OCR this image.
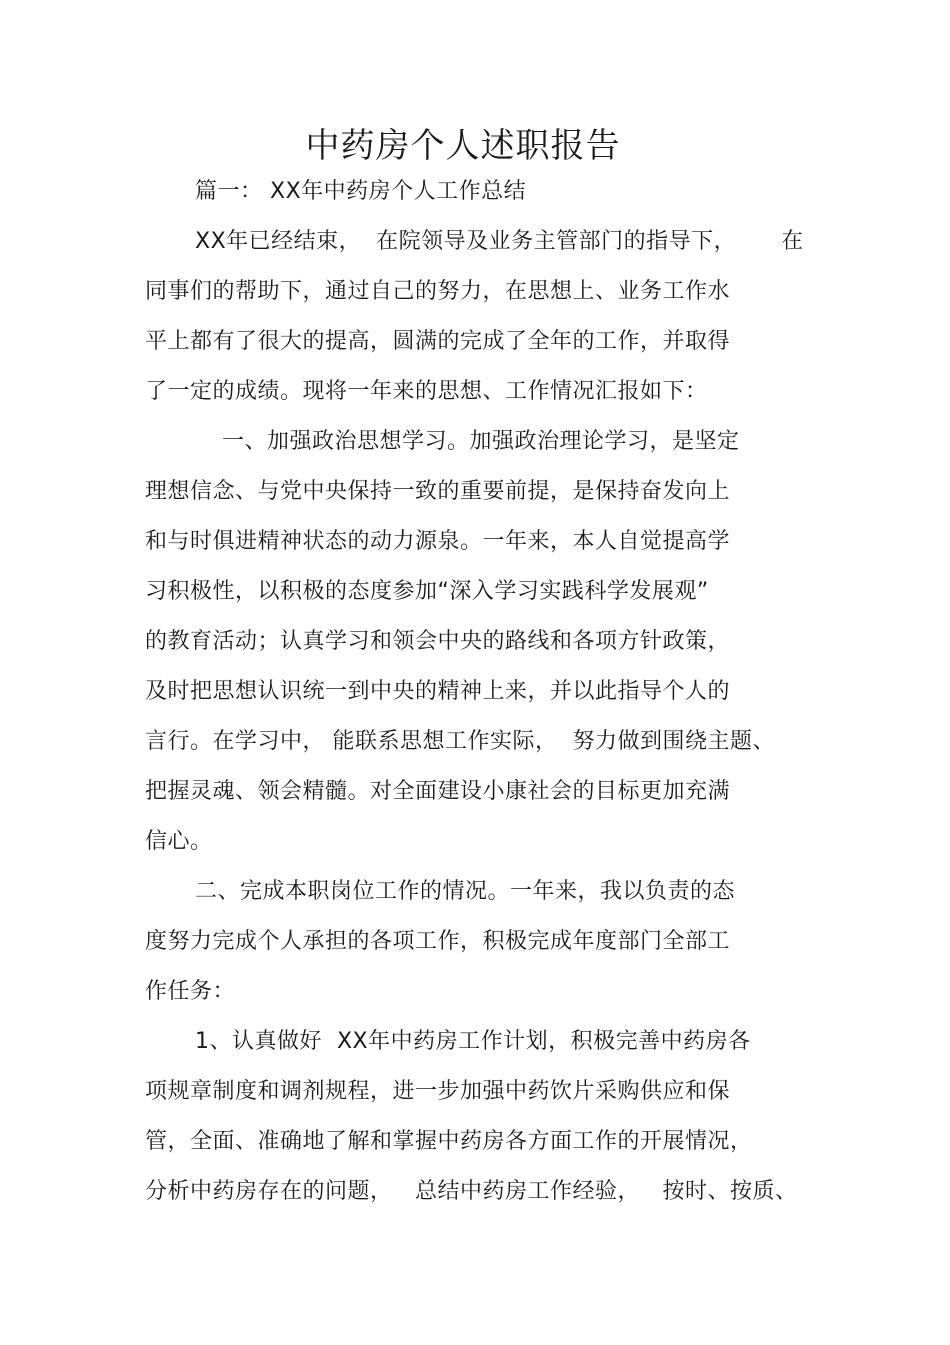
中药房个人述职报告
篇一： XX年中药房个人工作总结
XX年已经结束，  在院领导及业务主管部门的指导下，      在
同事们的帮助下，通过自己的努力，在思想上、业务工作水
平上都有了很大的提高，圆满的完成了全年的工作，并取得
了一定的成绩。现将一年来的思想、工作情况汇报如下：
一、加强政治思想学习。加强政治理论学习，是坚定
理想信念、与党中央保持一致的重要前提，是保持奋发向上
和与时俱进精神状态的动力源泉。一年来，本人自觉提高学
习积极性，以积极的态度参加“深入学习实践科学发展观”
的教育活动；认真学习和领会中央的路线和各项方针政策，
及时把思想认识统一到中央的精神上来，并以此指导个人的
言行。在学习中， 能联系思想工作实际，  努力做到围绕主题、
把握灵魂、领会精髓。对全面建设小康社会的目标更加充满
信心。
二、完成本职岗位工作的情况。一年来，我以负责的态
度努力完成个人承担的各项工作，积极完成年度部门全部工
作任务：
1、认真做好  XX年中药房工作计划，积极完善中药房各
项规章制度和调剂规程，进一步加强中药饮片采购供应和保
管，全面、准确地了解和掌握中药房各方面工作的开展情况，
分析中药房存在的问题，   总结中药房工作经验，   按时、按质、
